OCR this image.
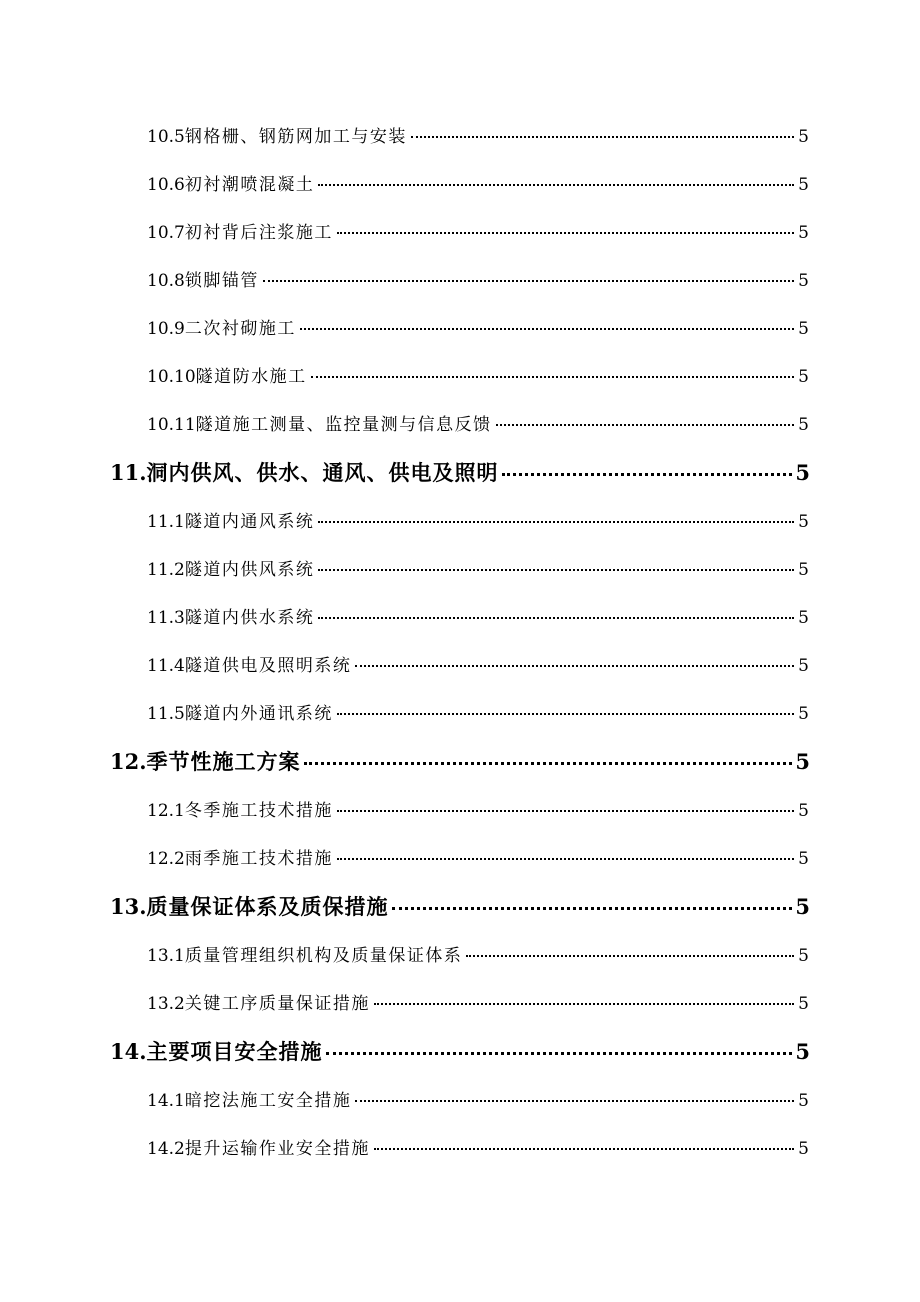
10.5 钢格栅、钢筋网加工与安装	5
10.6 初衬潮喷混凝土	5
10.7 初衬背后注浆施工	5
10.8 锁脚锚管	5
10.9 二次衬砌施工	5
10.10 隧道防水施工	5
10.11 隧道施工测量、监控量测与信息反馈	5
11. 洞内供风、供水、通风、供电及照明	5
11.1 隧道内通风系统	5
11.2 隧道内供风系统	5
11.3 隧道内供水系统	5
11.4 隧道供电及照明系统	5
11.5 隧道内外通讯系统	5
12. 季节性施工方案	5
12.1 冬季施工技术措施	5
12.2 雨季施工技术措施	5
13. 质量保证体系及质保措施	5
13.1 质量管理组织机构及质量保证体系	5
13.2 关键工序质量保证措施	5
14. 主要项目安全措施	5
14.1 暗挖法施工安全措施	5
14.2 提升运输作业安全措施	5
